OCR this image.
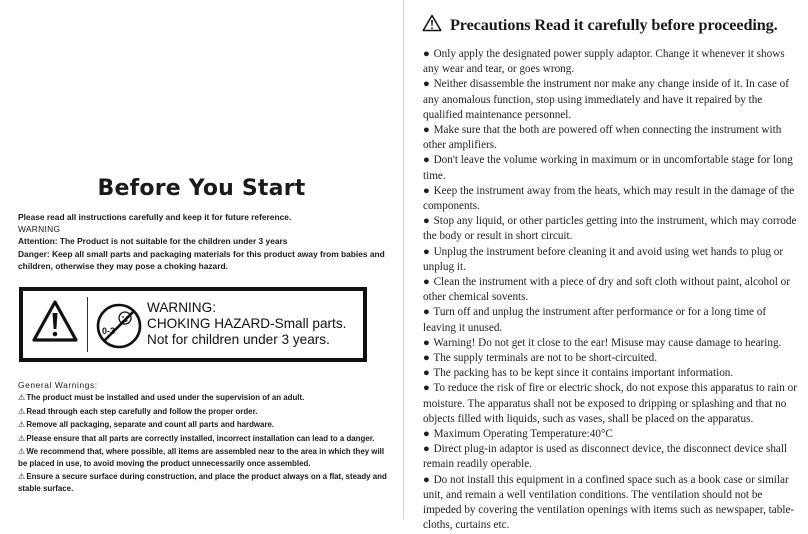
Before You Start
Please read all instructions carefully and keep it for future reference.
WARNING
Attention: The Product is not suitable for the children under 3 years
Danger: Keep all small parts and packaging materials for this product away from babies and children, otherwise they may pose a choking hazard.
0-3
WARNING:
CHOKING HAZARD-Small parts.
Not for children under 3 years.
General Warnings:
⚠The product must be installed and used under the supervision of an adult.
⚠Read through each step carefully and follow the proper order.
⚠Remove all packaging, separate and count all parts and hardware.
⚠Please ensure that all parts are correctly installed, incorrect installation can lead to a danger.
⚠We recommend that, where possible, all items are assembled near to the area in which they will be placed in use, to avoid moving the product unnecessarily once assembled.
⚠Ensure a secure surface during construction, and place the product always on a flat, steady and stable surface.
Precautions Read it carefully before proceeding.
● Only apply the designated power supply adaptor. Change it whenever it shows any wear and tear, or goes wrong.
● Neither disassemble the instrument nor make any change inside of it. In case of any anomalous function, stop using immediately and have it repaired by the qualified maintenance personnel.
● Make sure that the both are powered off when connecting the instrument with other amplifiers.
● Don't leave the volume working in maximum or in uncomfortable stage for long time.
● Keep the instrument away from the heats, which may result in the damage of the components.
● Stop any liquid, or other particles getting into the instrument, which may corrode the body or result in short circuit.
● Unplug the instrument before cleaning it and avoid using wet hands to plug or unplug it.
● Clean the instrument with a piece of dry and soft cloth without paint, alcohol or other chemical sovents.
● Turn off and unplug the instrument after performance or for a long time of leaving it unused.
● Warning! Do not get it close to the ear! Misuse may cause damage to hearing.
● The supply terminals are not to be short-circuited.
● The packing has to be kept since it contains important information.
● To reduce the risk of fire or electric shock, do not expose this apparatus to rain or moisture. The apparatus shall not be exposed to dripping or splashing and that no objects filled with liquids, such as vases, shall be placed on the apparatus.
● Maximum Operating Temperature:40°C
● Direct plug-in adaptor is used as disconnect device, the disconnect device shall remain readily operable.
● Do not install this equipment in a confined space such as a book case or similar unit, and remain a well ventilation conditions. The ventilation should not be impeded by covering the ventilation openings with items such as newspaper, table-cloths, curtains etc.
